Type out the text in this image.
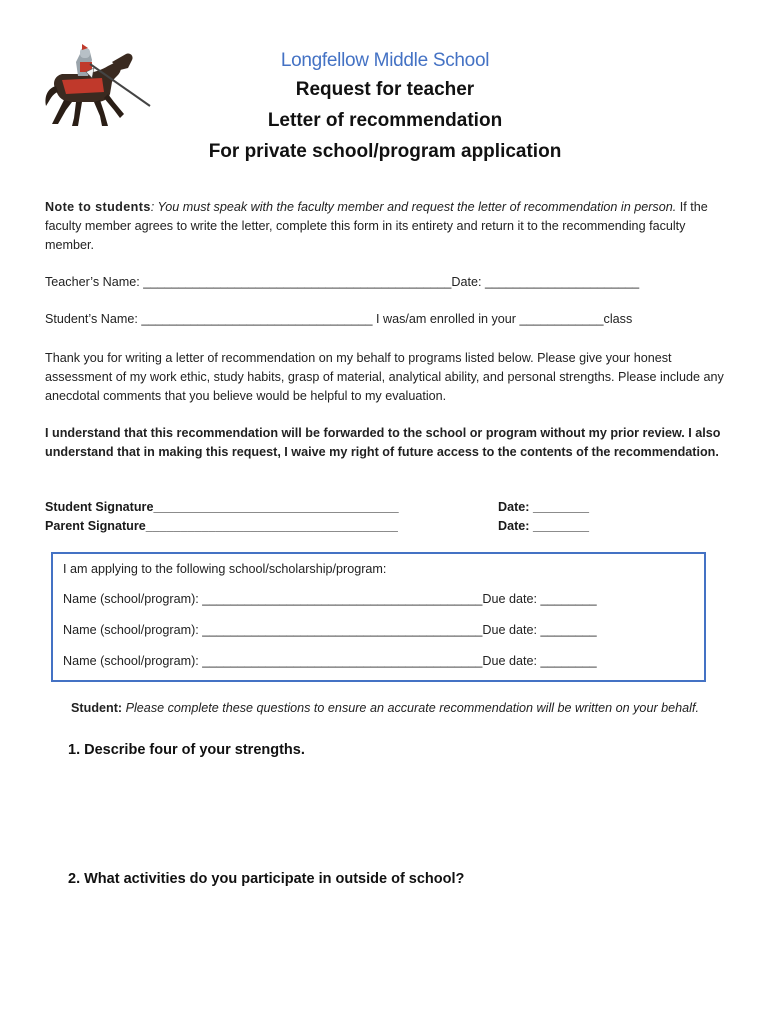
Longfellow Middle School
Request for teacher
Letter of recommendation
For private school/program application
Note to students: You must speak with the faculty member and request the letter of recommendation in person. If the faculty member agrees to write the letter, complete this form in its entirety and return it to the recommending faculty member.
Teacher’s Name: ____________________________________________Date: ______________________
Student’s Name: _________________________________ I was/am enrolled in your ____________class
Thank you for writing a letter of recommendation on my behalf to programs listed below. Please give your honest assessment of my work ethic, study habits, grasp of material, analytical ability, and personal strengths. Please include any anecdotal comments that you believe would be helpful to my evaluation.
I understand that this recommendation will be forwarded to the school or program without my prior review. I also understand that in making this request, I waive my right of future access to the contents of the recommendation.
Student Signature___________________________________	Date: ________
Parent Signature____________________________________	Date: ________
I am applying to the following school/scholarship/program:
Name (school/program): ________________________________________Due date: ________
Name (school/program): ________________________________________Due date: ________
Name (school/program): ________________________________________Due date: ________
Student: Please complete these questions to ensure an accurate recommendation will be written on your behalf.
1. Describe four of your strengths.
2. What activities do you participate in outside of school?
